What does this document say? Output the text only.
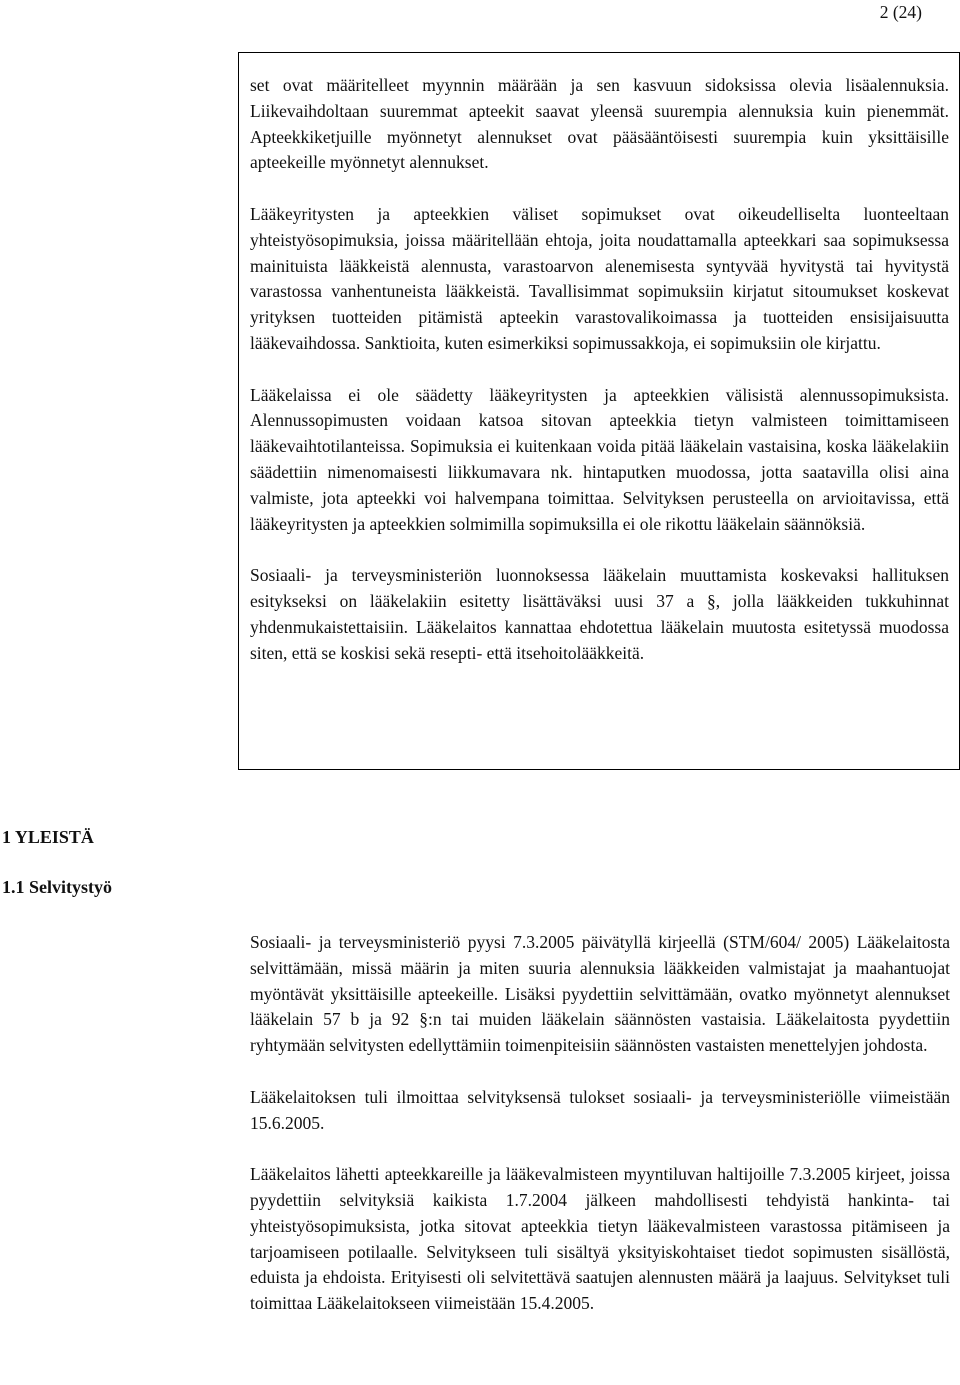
2 (24)

set ovat määritelleet myynnin määrään ja sen kasvuun sidoksissa olevia lisäalennuksia. Liikevaihdoltaan suuremmat apteekit saavat yleensä suurempia alennuksia kuin pienemmät. Apteekkiketjuille myönnetyt alennukset ovat pääsääntöisesti suurempia kuin yksittäisille apteekeille myönnetyt alennukset.

Lääkeyritysten ja apteekkien väliset sopimukset ovat oikeudelliselta luonteeltaan yhteistyösopimuksia, joissa määritellään ehtoja, joita noudattamalla apteekkari saa sopimuksessa mainituista lääkkeistä alennusta, varastoarvon alenemisesta syntyvää hyvitystä tai hyvitystä varastossa vanhentuneista lääkkeistä. Tavallisimmat sopimuksiin kirjatut sitoumukset koskevat yrityksen tuotteiden pitämistä apteekin varastovalikoimassa ja tuotteiden ensisijaisuutta lääkevaihdossa. Sanktioita, kuten esimerkiksi sopimussakkoja, ei sopimuksiin ole kirjattu.

Lääkelaissa ei ole säädetty lääkeyritysten ja apteekkien välisistä alennussopimuksista. Alennussopimusten voidaan katsoa sitovan apteekkia tietyn valmisteen toimittamiseen lääkevaihtotilanteissa. Sopimuksia ei kuitenkaan voida pitää lääkelain vastaisina, koska lääkelakiin säädettiin nimenomaisesti liikkumavara nk. hintaputken muodossa, jotta saatavilla olisi aina valmiste, jota apteekki voi halvempana toimittaa. Selvityksen perusteella on arvioitavissa, että lääkeyritysten ja apteekkien solmimilla sopimuksilla ei ole rikottu lääkelain säännöksiä.

Sosiaali- ja terveysministeriön luonnoksessa lääkelain muuttamista koskevaksi hallituksen esitykseksi on lääkelakiin esitetty lisättäväksi uusi 37 a §, jolla lääkkeiden tukkuhinnat yhdenmukaistettaisiin. Lääkelaitos kannattaa ehdotettua lääkelain muutosta esitetyssä muodossa siten, että se koskisi sekä resepti- että itsehoitolääkkeitä.

1 YLEISTÄ
1.1 Selvitystyö

Sosiaali- ja terveysministeriö pyysi 7.3.2005 päivätyllä kirjeellä (STM/604/ 2005) Lääkelaitosta selvittämään, missä määrin ja miten suuria alennuksia lääkkeiden valmistajat ja maahantuojat myöntävät yksittäisille apteekeille. Lisäksi pyydettiin selvittämään, ovatko myönnetyt alennukset lääkelain 57 b ja 92 §:n tai muiden lääkelain säännösten vastaisia. Lääkelaitosta pyydettiin ryhtymään selvitysten edellyttämiin toimenpiteisiin säännösten vastaisten menettelyjen johdosta.

Lääkelaitoksen tuli ilmoittaa selvityksensä tulokset sosiaali- ja terveysministeriölle viimeistään 15.6.2005.

Lääkelaitos lähetti apteekkareille ja lääkevalmisteen myyntiluvan haltijoille 7.3.2005 kirjeet, joissa pyydettiin selvityksiä kaikista 1.7.2004 jälkeen mahdollisesti tehdyistä hankinta- tai yhteistyösopimuksista, jotka sitovat apteekkia tietyn lääkevalmisteen varastossa pitämiseen ja tarjoamiseen potilaalle. Selvitykseen tuli sisältyä yksityiskohtaiset tiedot sopimusten sisällöstä, eduista ja ehdoista. Erityisesti oli selvitettävä saatujen alennusten määrä ja laajuus. Selvitykset tuli toimittaa Lääkelaitokseen viimeistään 15.4.2005.
